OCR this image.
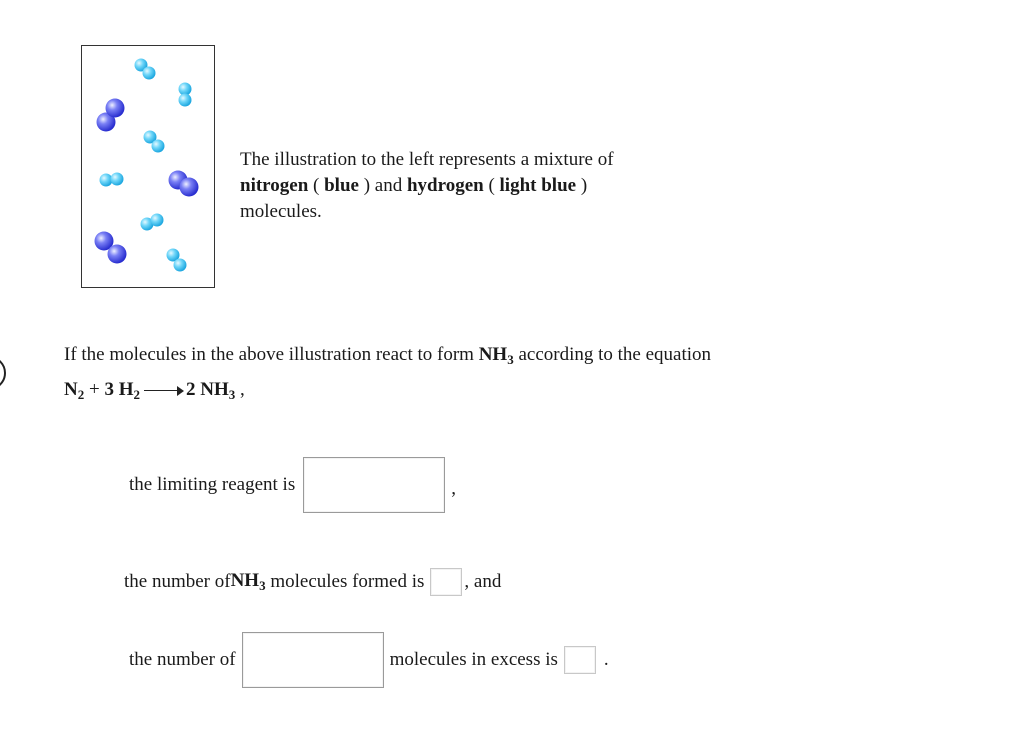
The illustration to the left represents a mixture of
nitrogen ( blue ) and hydrogen ( light blue )
molecules.
If the molecules in the above illustration react to form $NH_3$ according to the equation
$N_2 + 3$ $H_2$ 2 $NH_3$ ,
the limiting reagent is	,
the number of $NH_3$ molecules formed is , and
the number of	molecules in excess is .
